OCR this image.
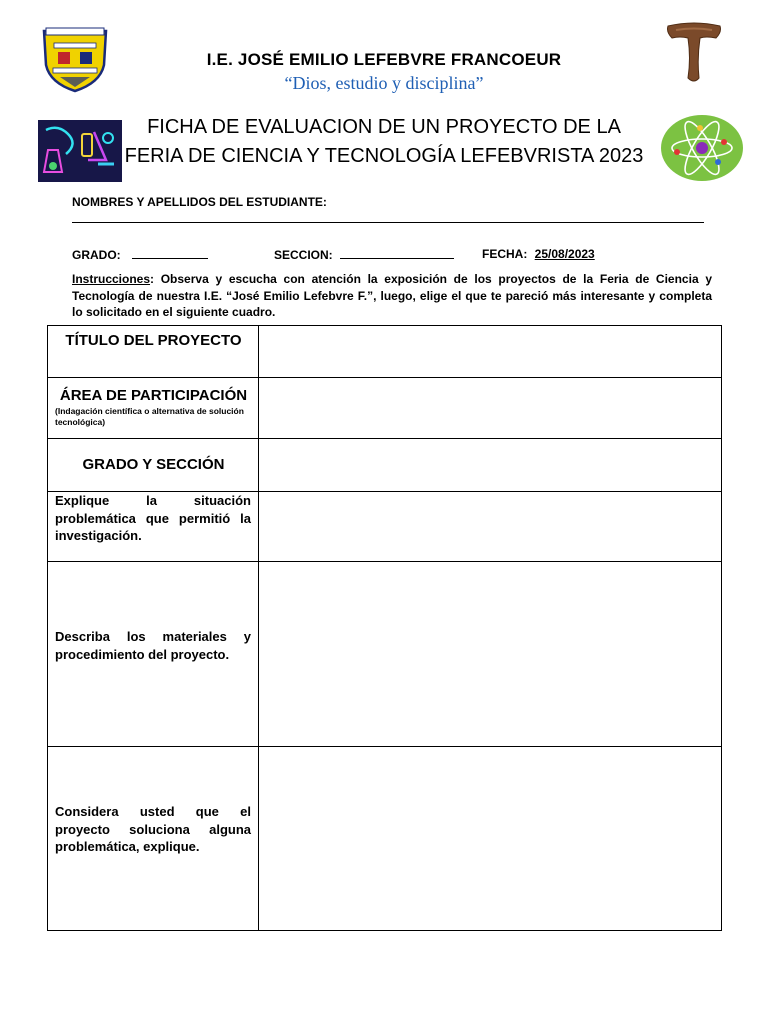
I.E. JOSÉ EMILIO LEFEBVRE FRANCOEUR
“Dios, estudio y disciplina”
FICHA DE EVALUACION DE UN PROYECTO DE LA
FERIA DE CIENCIA Y TECNOLOGÍA LEFEBVRISTA 2023
NOMBRES Y APELLIDOS DEL ESTUDIANTE:
GRADO:	SECCION:	FECHA: 25/08/2023
Instrucciones: Observa y escucha con atención la exposición de los proyectos de la Feria de Ciencia y Tecnología de nuestra I.E. “José Emilio Lefebvre F.”, luego, elige el que te pareció más interesante y completa lo solicitado en el siguiente cuadro.
TÍTULO DEL PROYECTO
ÁREA DE PARTICIPACIÓN
(Indagación científica o alternativa de solución tecnológica)
GRADO Y SECCIÓN
Explique la situación problemática que permitió la investigación.
Describa los materiales y procedimiento del proyecto.
Considera usted que el proyecto soluciona alguna problemática, explique.
